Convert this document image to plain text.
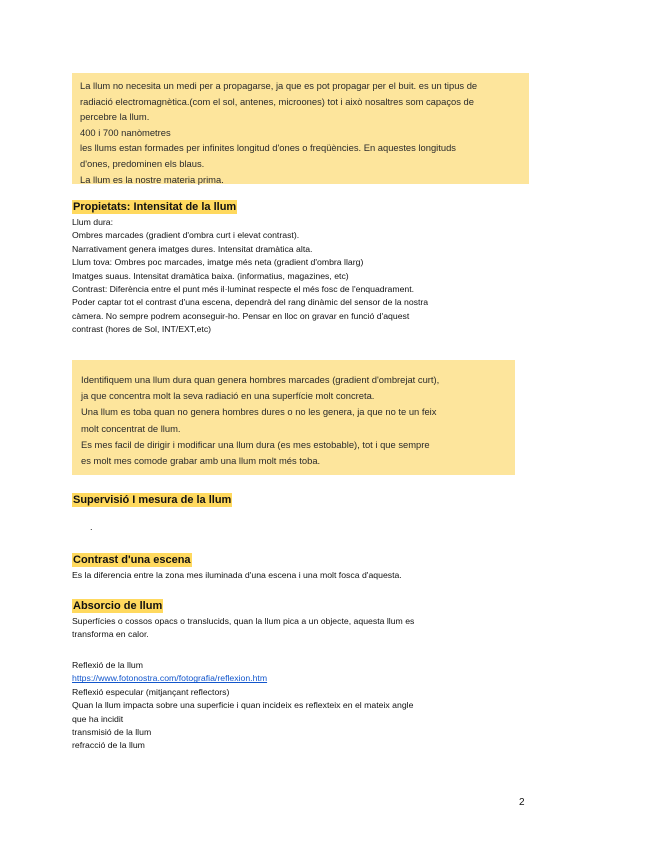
La llum no necesita un medi per a propagarse, ja que es pot propagar per el buit. es un tipus de

radiació electromagnètica.(com el sol, antenes, microones) tot i això nosaltres som capaços de

percebre la llum.

400 i 700 nanòmetres

les llums estan formades per infinites longitud d'ones o freqüències. En aquestes longituds

d'ones, predominen els blaus.

La llum es la nostre materia prima.

Propietats: Intensitat de la llum

Llum dura:

Ombres marcades (gradient d'ombra curt i elevat contrast).

Narrativament genera imatges dures. Intensitat dramàtica alta.

Llum tova: Ombres poc marcades, imatge més neta (gradient d'ombra llarg)

Imatges suaus. Intensitat dramàtica baixa. (informatius, magazines, etc)

Contrast: Diferència entre el punt més il·luminat respecte el més fosc de l'enquadrament.

Poder captar tot el contrast d'una escena, dependrà del rang dinàmic del sensor de la nostra

càmera. No sempre podrem aconseguir-ho. Pensar en lloc on gravar en funció d'aquest

contrast (hores de Sol, INT/EXT,etc)

Identifiquem una llum dura quan genera hombres marcades (gradient d'ombrejat curt),

ja que concentra molt la seva radiació en una superfície molt concreta.

Una llum es toba quan no genera hombres dures o no les genera, ja que no te un feix

molt concentrat de llum.

Es mes facil de dirigir i modificar una llum dura (es mes estobable), tot i que sempre

es molt mes comode grabar amb una llum molt més toba.

Supervisió I mesura de la llum
.
Contrast d'una escena

Es la diferencia entre la zona mes iluminada d'una escena i una molt fosca d'aquesta.

Absorcio de llum

Superfícies o cossos opacs o translucids, quan la llum pica a un objecte, aquesta llum es

transforma en calor.

Reflexió de la llum

https://www.fotonostra.com/fotografia/reflexion.htm

Reflexió especular (mitjançant reflectors)

Quan la llum impacta sobre una superficie i quan incideix es reflexteix en el mateix angle

que ha incidit

transmisió de la llum

refracció de la llum

2
